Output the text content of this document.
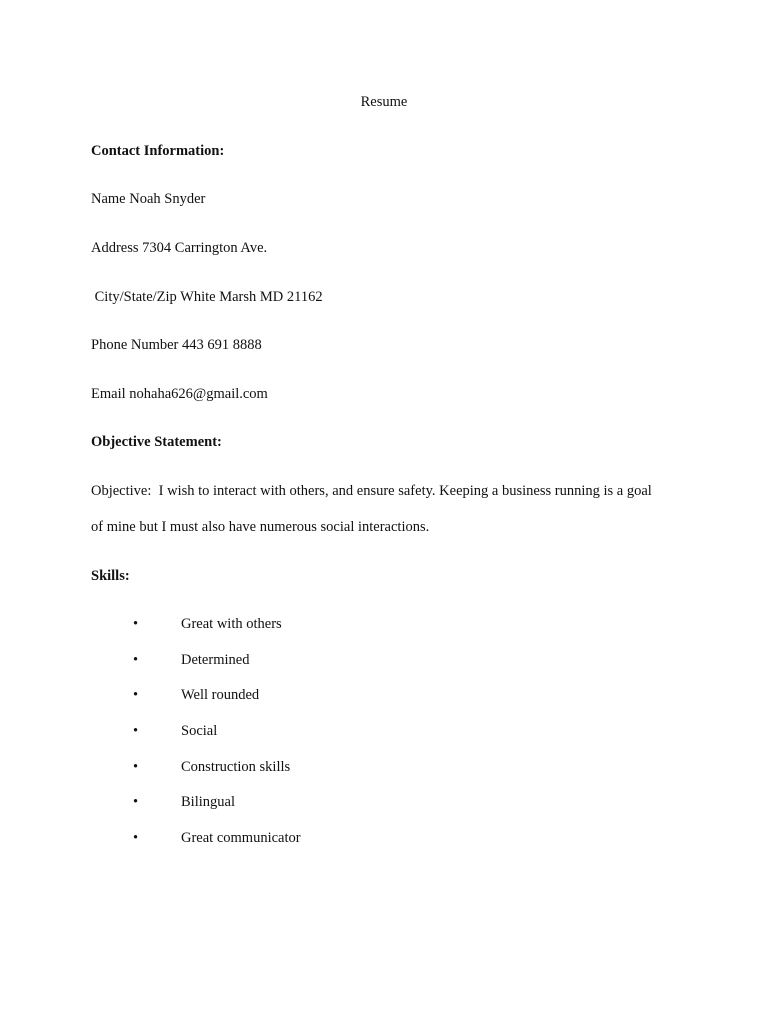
Resume
Contact Information:
Name Noah Snyder
Address 7304 Carrington Ave.
City/State/Zip White Marsh MD 21162
Phone Number 443 691 8888
Email nohaha626@gmail.com
Objective Statement:
Objective:  I wish to interact with others, and ensure safety. Keeping a business running is a goal
of mine but I must also have numerous social interactions.
Skills:
•	Great with others
•	Determined
•	Well rounded
•	Social
•	Construction skills
•	Bilingual
•	Great communicator
